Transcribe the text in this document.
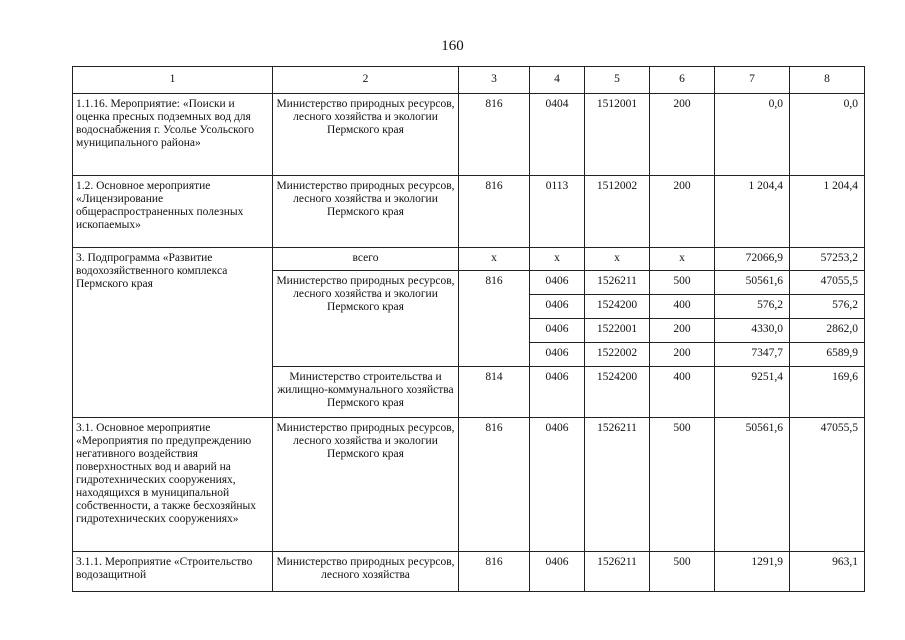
160
1	2	3	4	5	6	7	8
1.1.16. Мероприятие: «Поиски и оценка пресных подземных вод для водоснабжения г. Усолье Усольского муниципального района»	Министерство природных ресурсов, лесного хозяйства и экологии Пермского края	816	0404	1512001	200	0,0	0,0
1.2. Основное мероприятие «Лицензирование общераспространенных полезных ископаемых»	Министерство природных ресурсов, лесного хозяйства и экологии Пермского края	816	0113	1512002	200	1 204,4	1 204,4
3. Подпрограмма «Развитие водохозяйственного комплекса Пермского края	всего	х	х	х	х	72066,9	57253,2
	Министерство природных ресурсов, лесного хозяйства и экологии Пермского края	816	0406	1526211	500	50561,6	47055,5
			0406	1524200	400	576,2	576,2
			0406	1522001	200	4330,0	2862,0
			0406	1522002	200	7347,7	6589,9
	Министерство строительства и жилищно-коммунального хозяйства Пермского края	814	0406	1524200	400	9251,4	169,6
3.1. Основное мероприятие «Мероприятия по предупреждению негативного воздействия поверхностных вод и аварий на гидротехнических сооружениях, находящихся в муниципальной собственности, а также бесхозяйных гидротехнических сооружениях»	Министерство природных ресурсов, лесного хозяйства и экологии Пермского края	816	0406	1526211	500	50561,6	47055,5
3.1.1. Мероприятие «Строительство водозащитной	Министерство природных ресурсов, лесного хозяйства	816	0406	1526211	500	1291,9	963,1
